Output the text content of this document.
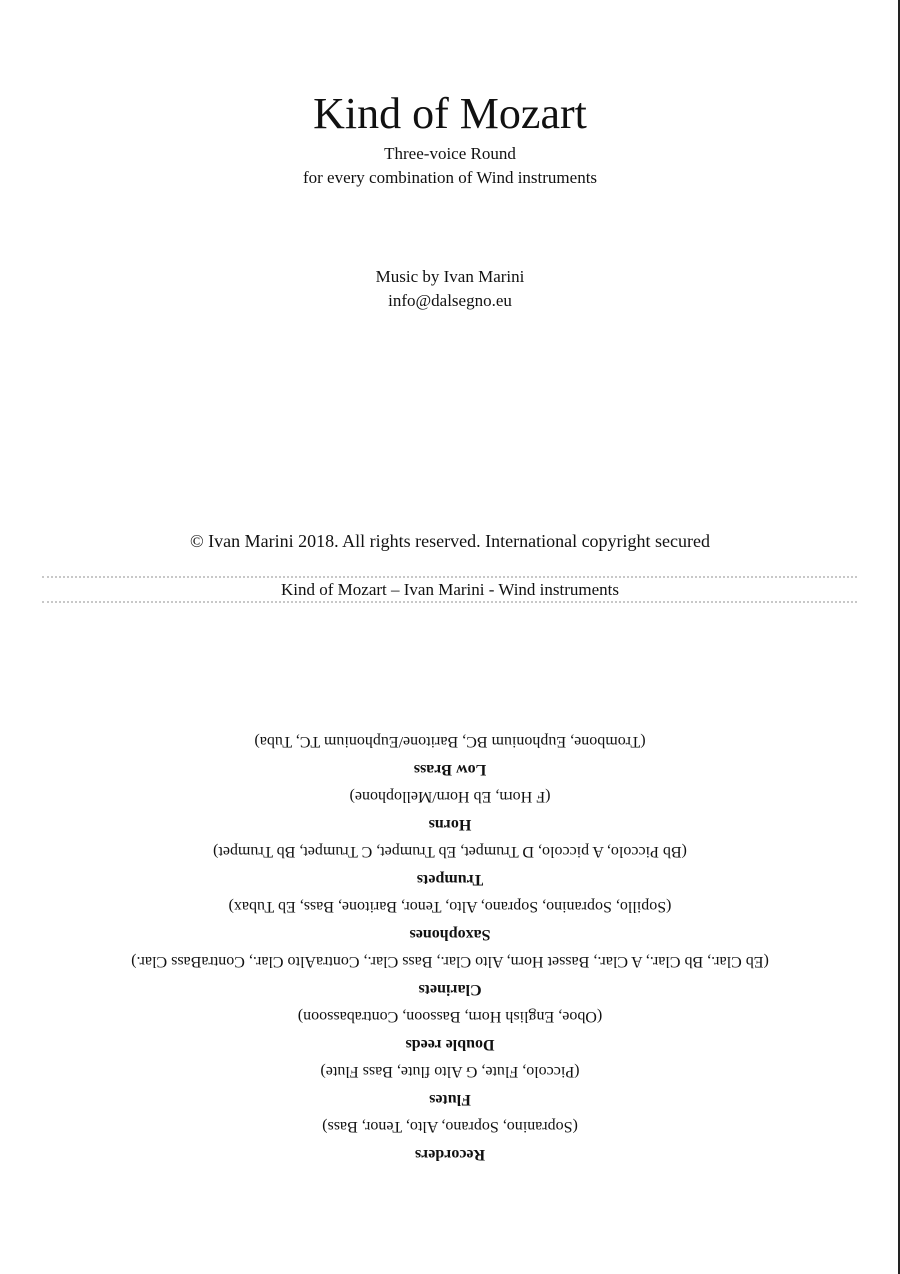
Kind of Mozart
Three-voice Round
for every combination of Wind instruments
Music by Ivan Marini
info@dalsegno.eu
© Ivan Marini 2018. All rights reserved. International copyright secured
Kind of Mozart – Ivan Marini - Wind instruments
Recorders
(Sopranino, Soprano, Alto, Tenor, Bass)
Flutes
(Piccolo, Flute, G Alto flute, Bass Flute)
Double reeds
(Oboe, English Horn, Bassoon, Contrabassoon)
Clarinets
(Eb Clar., Bb Clar., A Clar., Basset Horn, Alto Clar., Bass Clar., ContraAlto Clar., ContraBass Clar.)
Saxophones
(Sopillo, Sopranino, Soprano, Alto, Tenor, Baritone, Bass, Eb Tubax)
Trumpets
(Bb Piccolo, A piccolo, D Trumpet, Eb Trumpet, C Trumpet, Bb Trumpet)
Horns
(F Horn, Eb Horn/Mellophone)
Low Brass
(Trombone, Euphonium BC, Baritone/Euphonium TC, Tuba)
